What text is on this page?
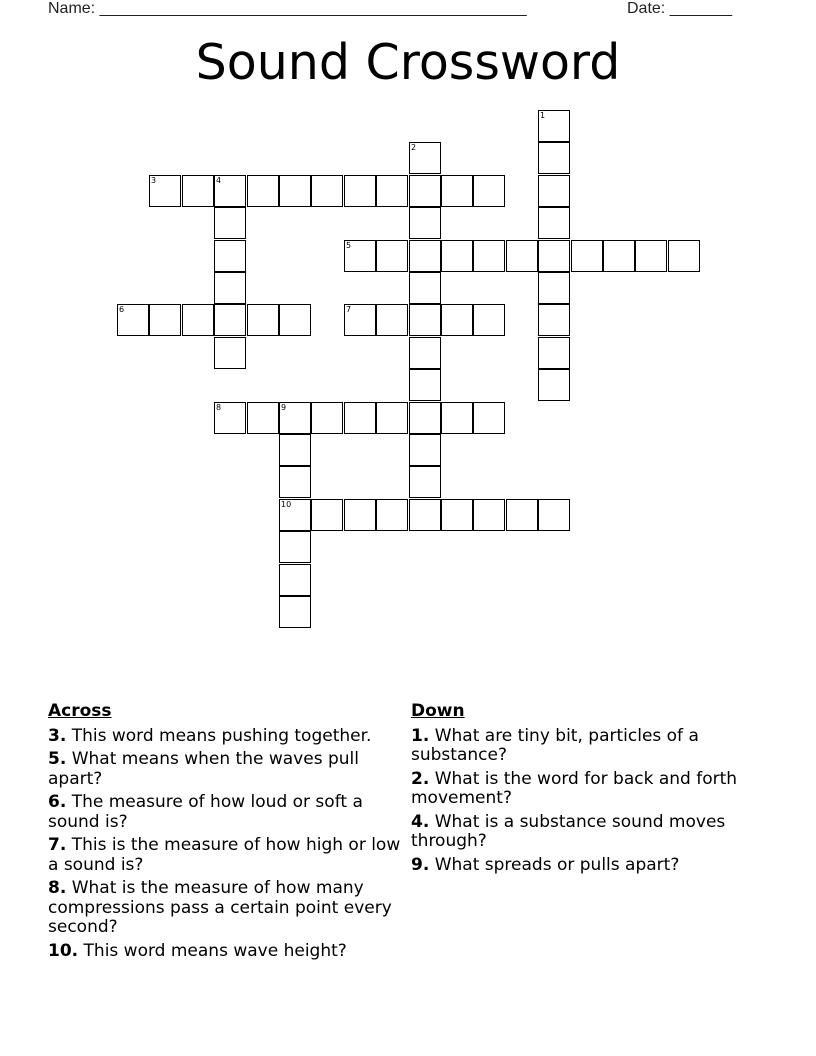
Name: ________________________________________________	Date: _______
Sound Crossword
1
2
3	4
5
6	7
8	9
10
Across
3. This word means pushing together.
5. What means when the waves pull apart?
6. The measure of how loud or soft a sound is?
7. This is the measure of how high or low a sound is?
8. What is the measure of how many compressions pass a certain point every second?
10. This word means wave height?
Down
1. What are tiny bit, particles of a substance?
2. What is the word for back and forth movement?
4. What is a substance sound moves through?
9. What spreads or pulls apart?
